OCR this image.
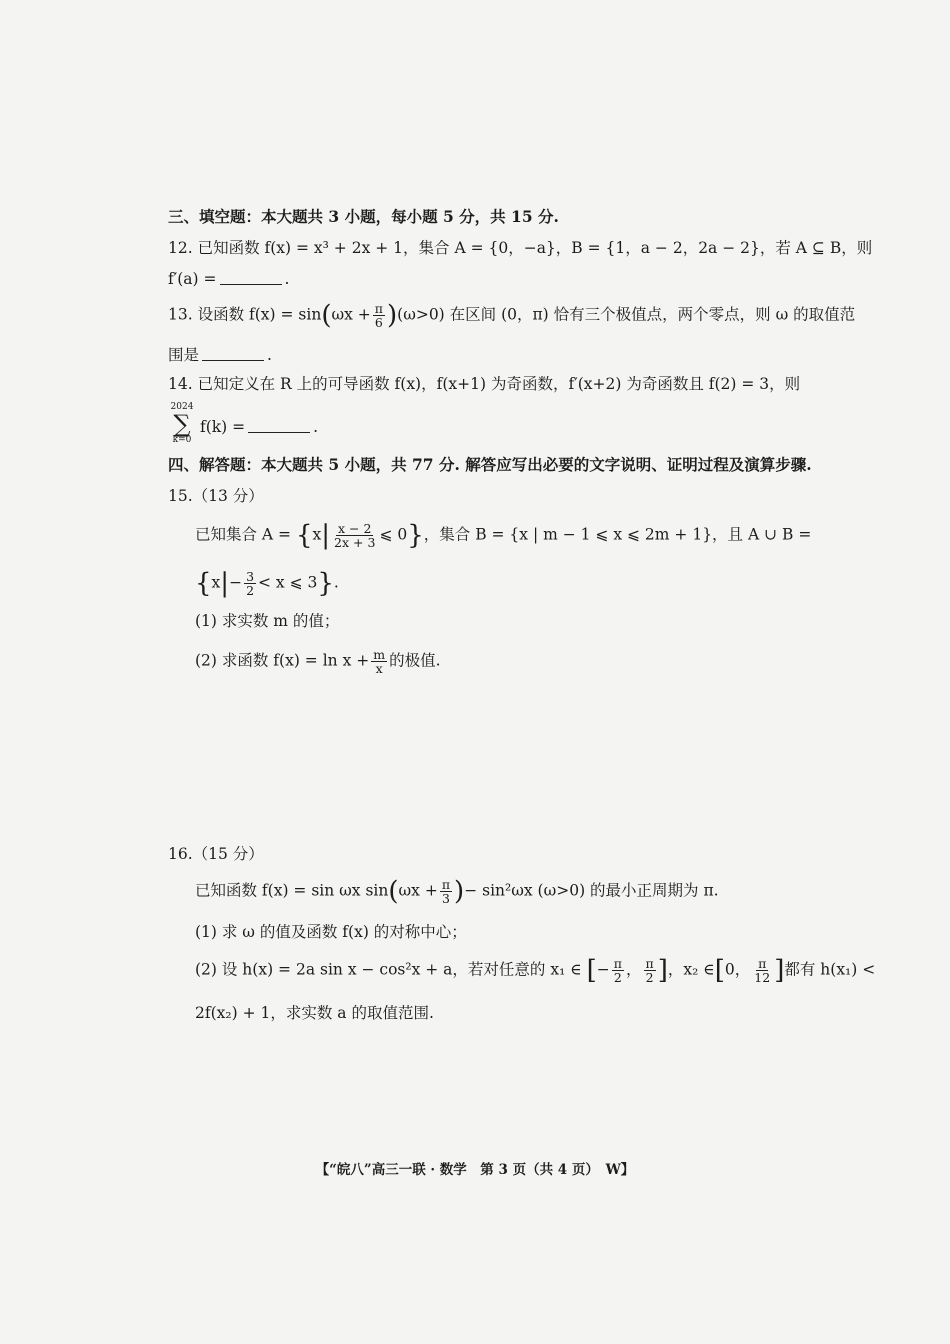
三、填空题：本大题共 3 小题，每小题 5 分，共 15 分.
12. 已知函数 f(x) = x³ + 2x + 1，集合 A = {0，−a}，B = {1，a − 2，2a − 2}，若 A ⊆ B，则
f′(a) =	.
13. 设函数 $f(x) = \sin(\omega x + \frac{\pi}{6} )(\omega>0)$ 在区间 (0，π) 恰有三个极值点，两个零点，则 ω 的取值范
围是	.
14. 已知定义在 R 上的可导函数 f(x)，f(x+1) 为奇函数，f′(x+2) 为奇函数且 f(2) = 3，则
2024
∑
k=0
f(k) =	.
四、解答题：本大题共 5 小题，共 77 分. 解答应写出必要的文字说明、证明过程及演算步骤.
15.（13 分）
已知集合 $A = \{x| \frac{x - 2}{2x + 3}$ ⩽ 0}，集合 B = {x | m − 1 ⩽ x ⩽ 2m + 1}，且 A ∪ B =
{$x|- \frac{3}{2} < x$ ⩽ 3}.
(1) 求实数 m 的值；
(2) 求函数 $f(x) = \ln x + \frac{m}{x}$ 的极值.
16.（15 分）
已知函数 f(x) = sin ωx $\sin(\omega x + \frac{\pi}{3}$ )− sin²ωx (ω>0) 的最小正周期为 π.
(1) 求 ω 的值及函数 f(x) 的对称中心；
(2) 设 h(x) = 2a sin x − cos²x + a，若对任意的 x₁ ∈ [− $\frac{\pi}{2}$ ， $\frac{\pi}{2}$ ]，x₂ ∈[0， $\frac{\pi}{12}$ ]都有 h(x₁) <
2f(x₂) + 1，求实数 a 的取值范围.
【“皖八”高三一联 · 数学　第 3 页（共 4 页）　W】
